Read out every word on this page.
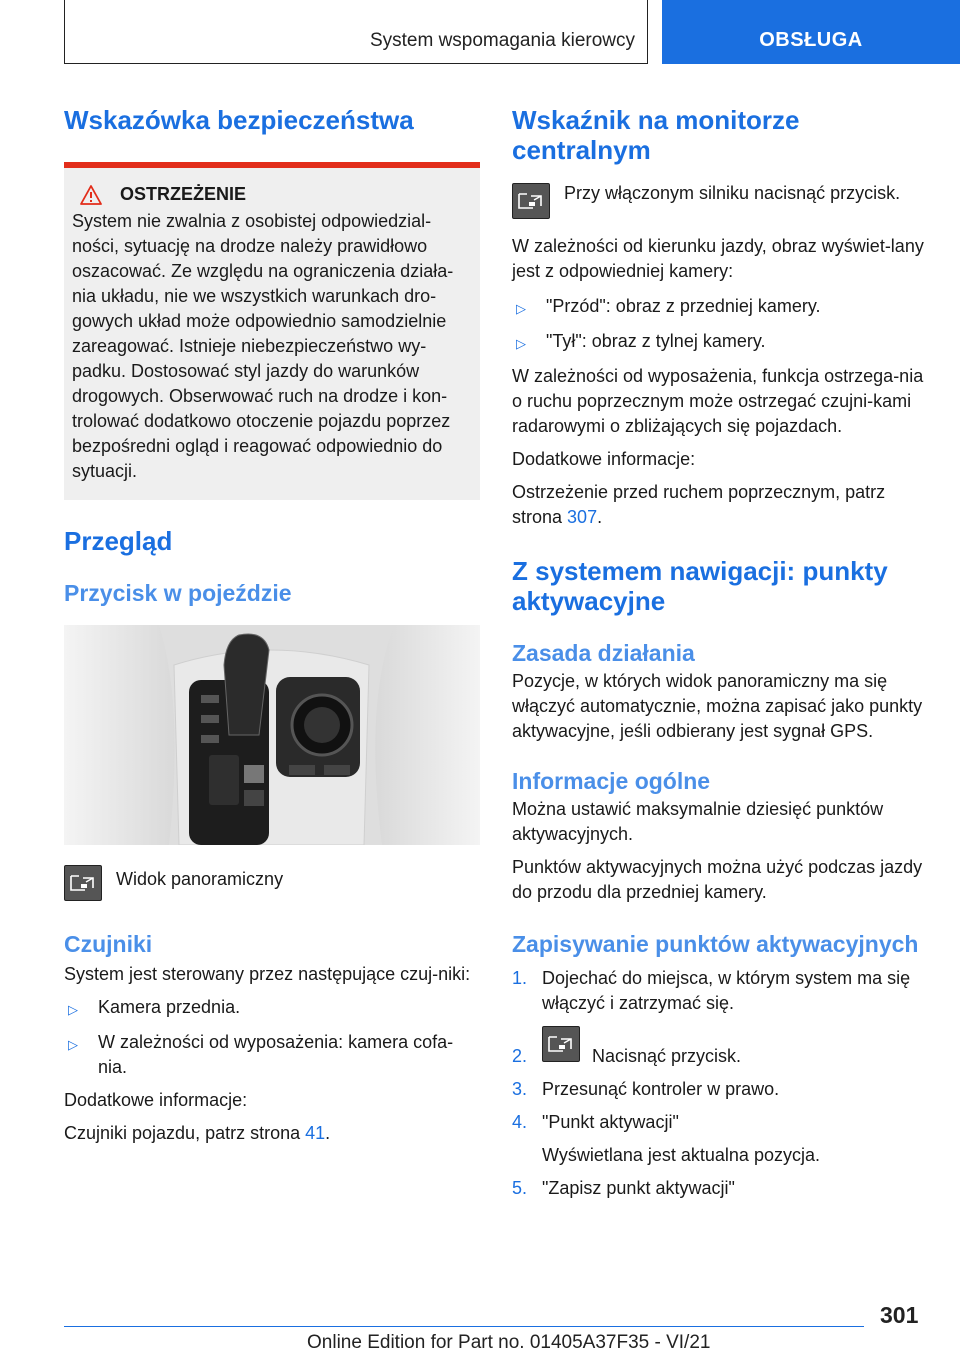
System wspomagania kierowcy	OBSŁUGA
Wskazówka bezpieczeństwa
OSTRZEŻENIE
System nie zwalnia z osobistej odpowiedzial-ności, sytuację na drodze należy prawidłowo oszacować. Ze względu na ograniczenia działa-nia układu, nie we wszystkich warunkach dro-gowych układ może odpowiednio samodzielnie zareagować. Istnieje niebezpieczeństwo wy-padku. Dostosować styl jazdy do warunków drogowych. Obserwować ruch na drodze i kon-trolować dodatkowo otoczenie pojazdu poprzez bezpośredni ogląd i reagować odpowiednio do sytuacji.
Przegląd
Przycisk w pojeździe
Widok panoramiczny
Czujniki

System jest sterowany przez następujące czuj-niki:

▷	Kamera przednia.
▷	W zależności od wyposażenia: kamera cofa-nia.

Dodatkowe informacje:

Czujniki pojazdu, patrz strona 41.

Wskaźnik na monitorze centralnym
Przy włączonym silniku nacisnąć przycisk.

W zależności od kierunku jazdy, obraz wyświet-lany jest z odpowiedniej kamery:

▷	"Przód": obraz z przedniej kamery.
▷	"Tył": obraz z tylnej kamery.

W zależności od wyposażenia, funkcja ostrzega-nia o ruchu poprzecznym może ostrzegać czujni-kami radarowymi o zbliżających się pojazdach.

Dodatkowe informacje:

Ostrzeżenie przed ruchem poprzecznym, patrz strona 307.

Z systemem nawigacji: punkty aktywacyjne
Zasada działania

Pozycje, w których widok panoramiczny ma się włączyć automatycznie, można zapisać jako punkty aktywacyjne, jeśli odbierany jest sygnał GPS.

Informacje ogólne

Można ustawić maksymalnie dziesięć punktów aktywacyjnych.

Punktów aktywacyjnych można użyć podczas jazdy do przodu dla przedniej kamery.

Zapisywanie punktów aktywacyjnych
1. Dojechać do miejsca, w którym system ma się włączyć i zatrzymać się.
2.	Nacisnąć przycisk.
3. Przesunąć kontroler w prawo.
4. "Punkt aktywacji"
Wyświetlana jest aktualna pozycja.
5. "Zapisz punkt aktywacji"
301
Online Edition for Part no. 01405A37F35 - VI/21
